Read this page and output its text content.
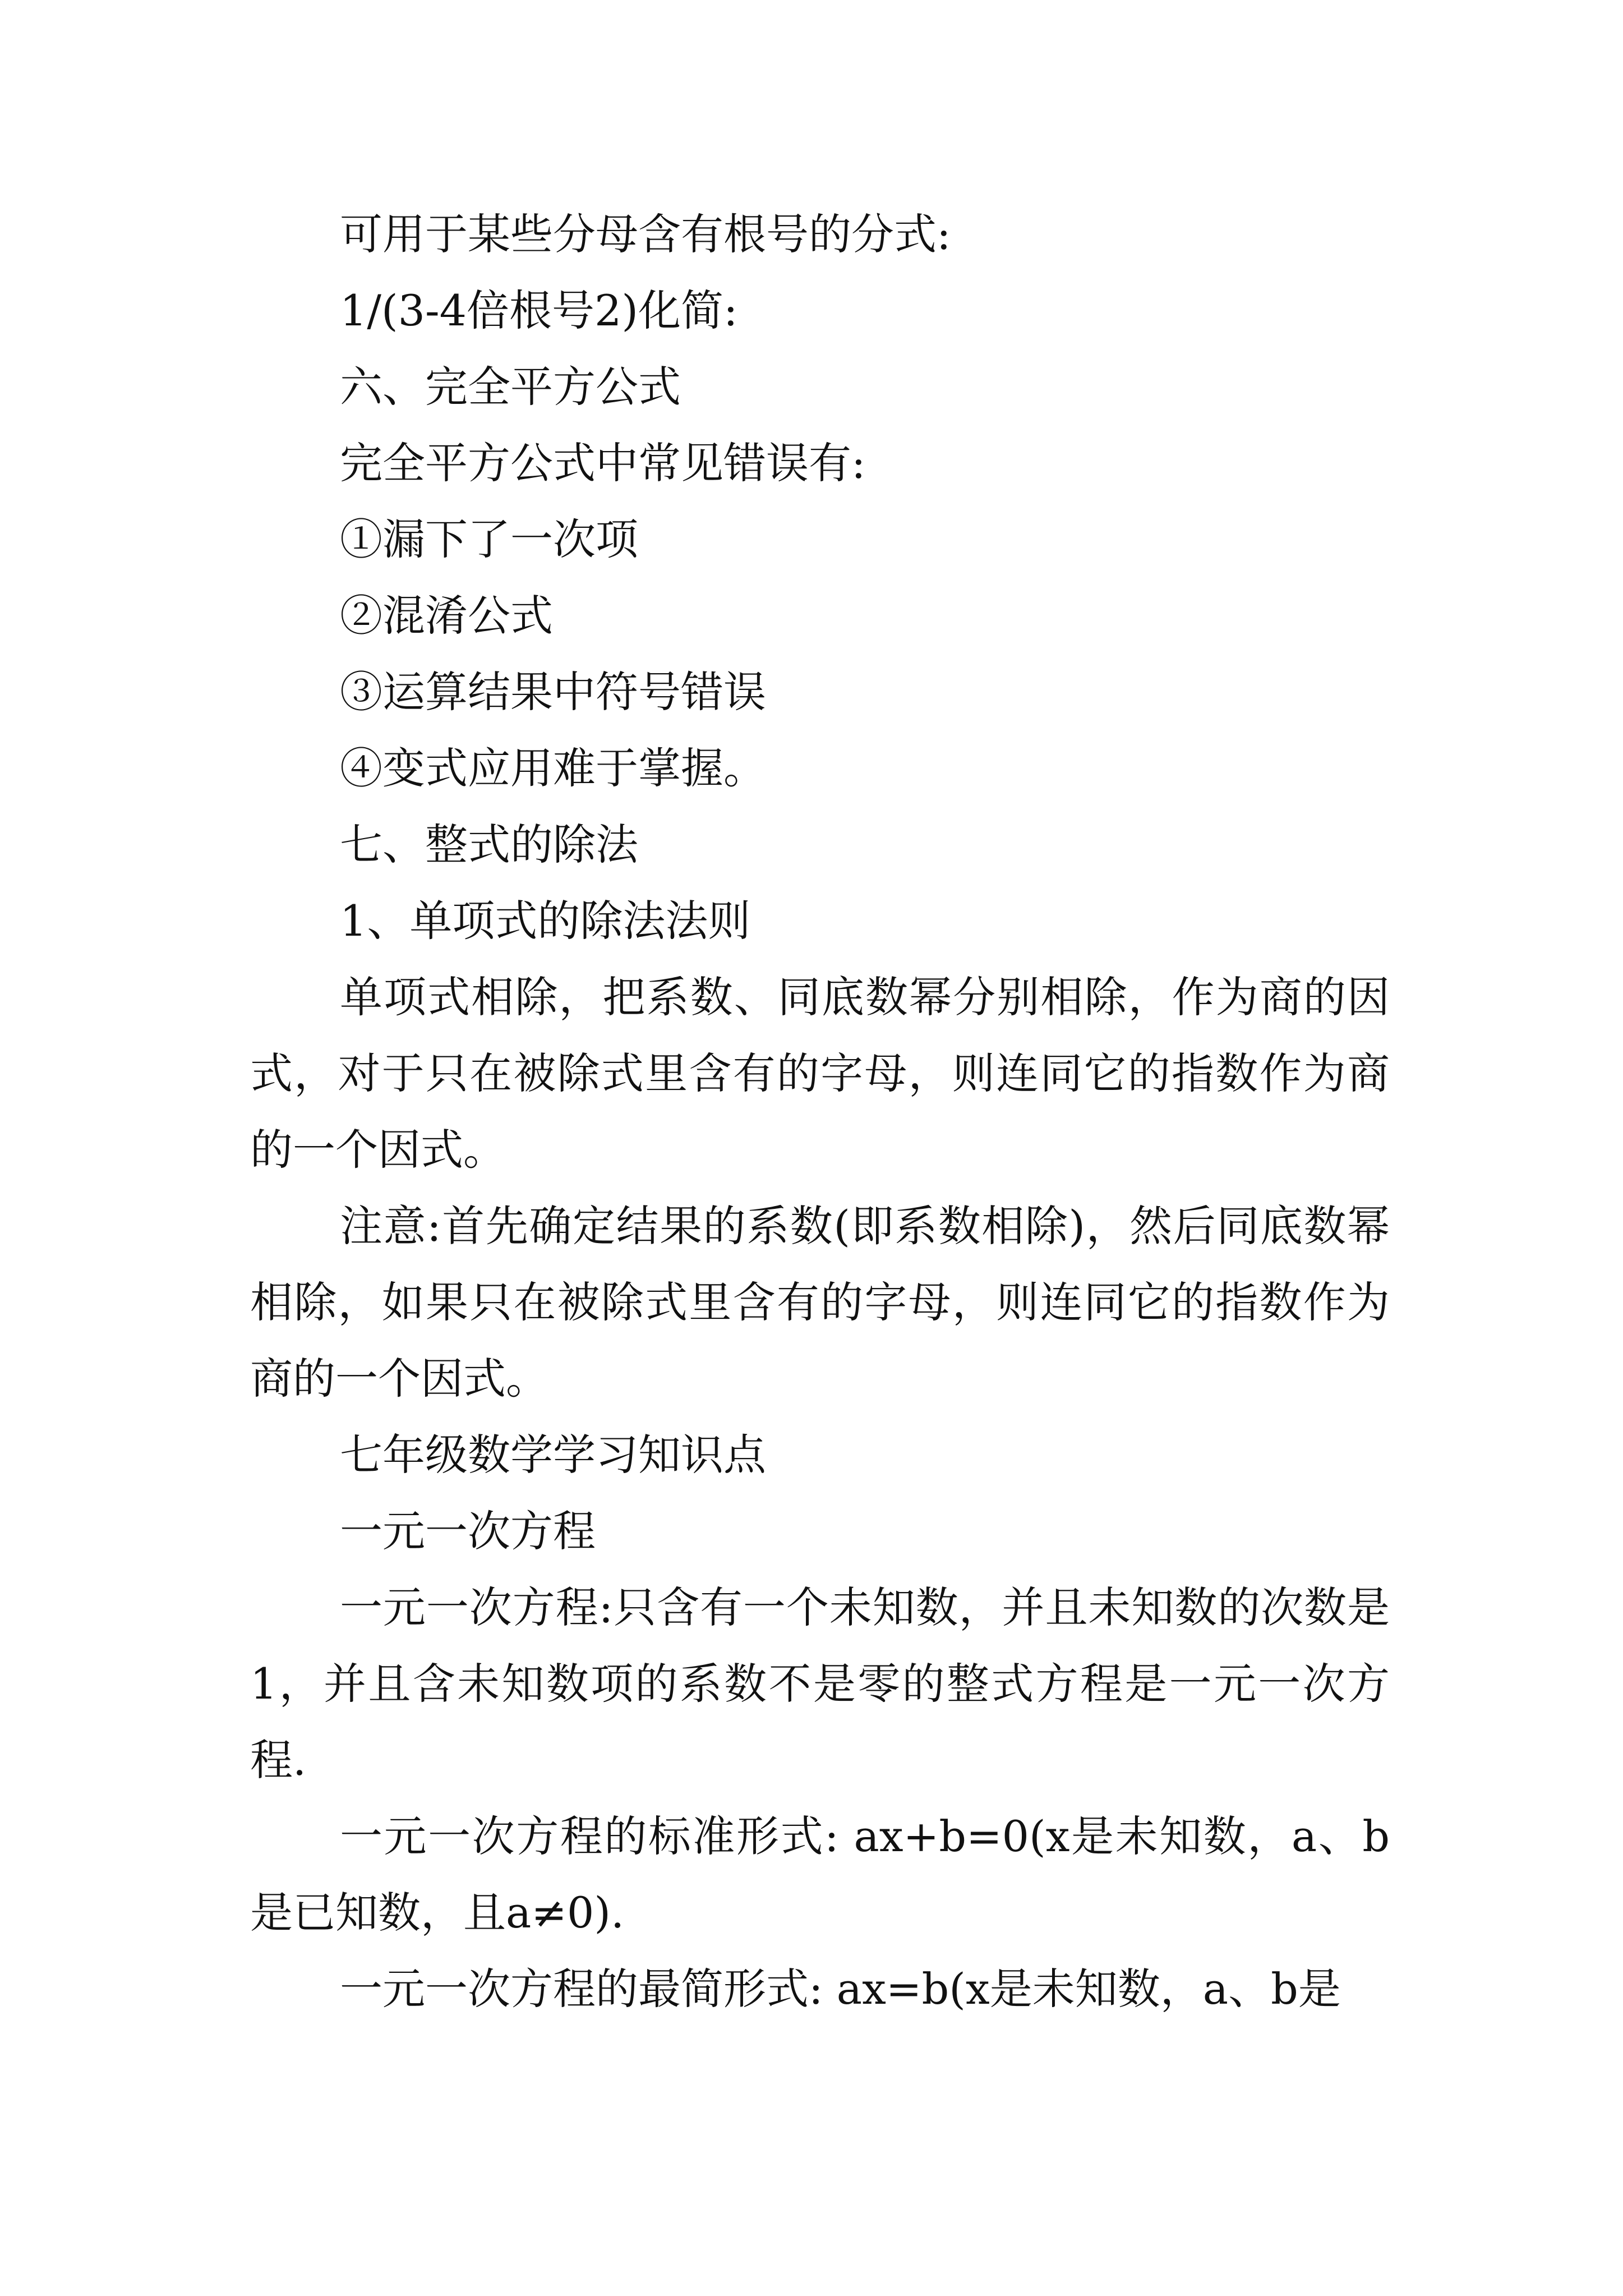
可用于某些分母含有根号的分式:

1/(3-4倍根号2)化简:

六、完全平方公式

完全平方公式中常见错误有:

①漏下了一次项

②混淆公式

③运算结果中符号错误

④变式应用难于掌握。

七、整式的除法

1、单项式的除法法则

单项式相除，把系数、同底数幂分别相除，作为商的因式，对于只在被除式里含有的字母，则连同它的指数作为商的一个因式。

注意:首先确定结果的系数(即系数相除)，然后同底数幂相除，如果只在被除式里含有的字母，则连同它的指数作为商的一个因式。

七年级数学学习知识点

一元一次方程

一元一次方程:只含有一个未知数，并且未知数的次数是1，并且含未知数项的系数不是零的整式方程是一元一次方程.

一元一次方程的标准形式: ax+b=0(x是未知数，a、b是已知数，且a≠0).

一元一次方程的最简形式: ax=b(x是未知数，a、b是
